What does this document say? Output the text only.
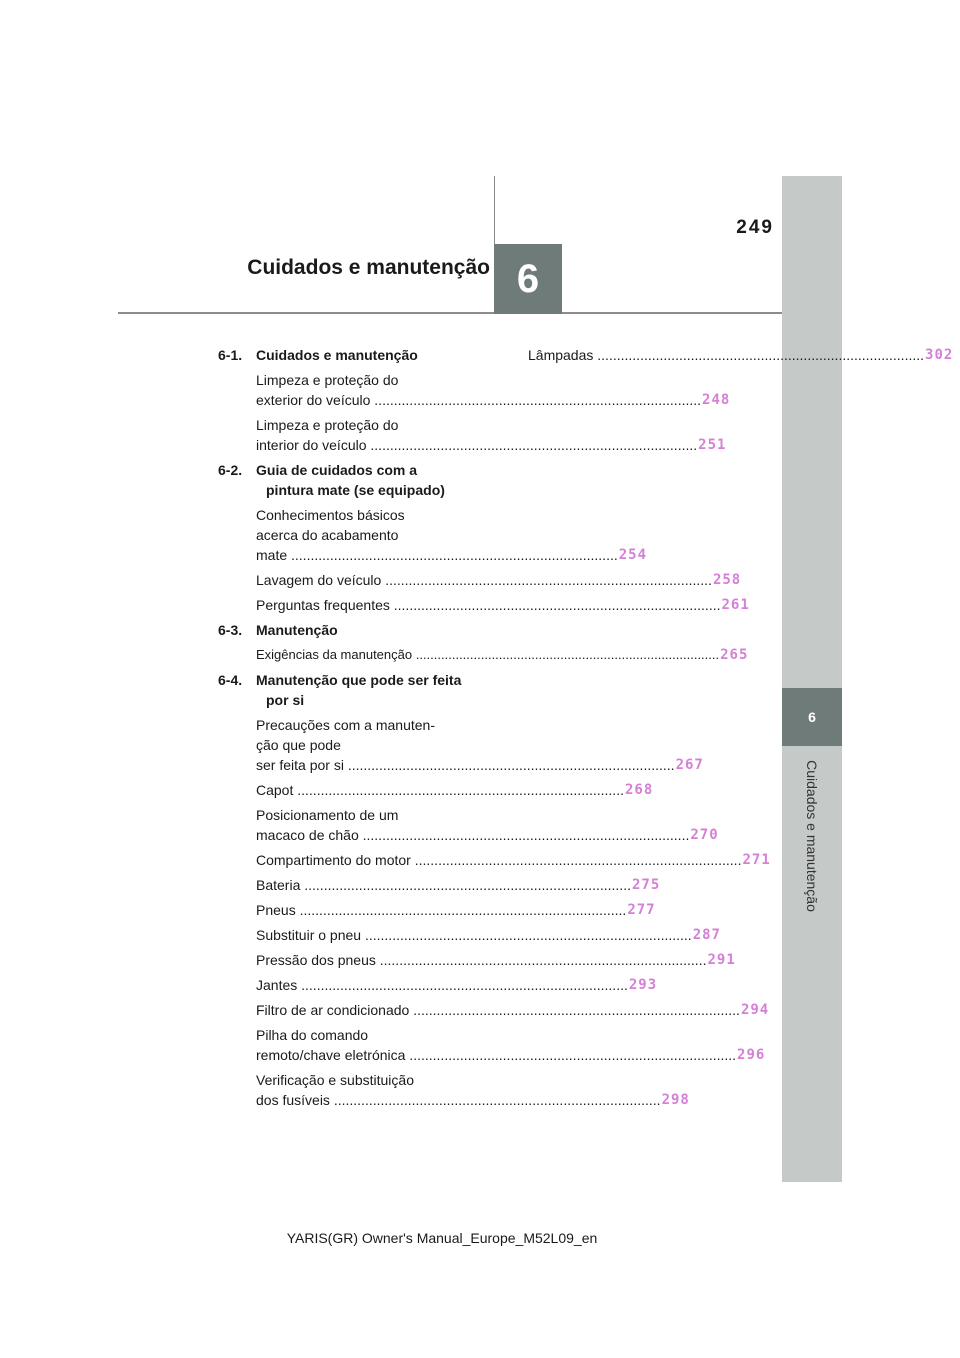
Cuidados e manutenção 6
249
6
Cuidados e manutenção
6-1. Cuidados e manutenção
Limpeza e proteção do
exterior do veículo .................................................................................... 248
Limpeza e proteção do
interior do veículo .................................................................................... 251
6-2. Guia de cuidados com a pintura mate (se equipado)
Conhecimentos básicos
acerca do acabamento
mate .................................................................................... 254
Lavagem do veículo .................................................................................... 258
Perguntas frequentes .................................................................................... 261
6-3. Manutenção
Exigências da manutenção .................................................................................... 265
6-4. Manutenção que pode ser feita por si
Precauções com a manuten-
ção que pode
ser feita por si .................................................................................... 267
Capot .................................................................................... 268
Posicionamento de um
macaco de chão .................................................................................... 270
Compartimento do motor .................................................................................... 271
Bateria .................................................................................... 275
Pneus .................................................................................... 277
Substituir o pneu .................................................................................... 287
Pressão dos pneus .................................................................................... 291
Jantes .................................................................................... 293
Filtro de ar condicionado .................................................................................... 294
Pilha do comando
remoto/chave eletrónica .................................................................................... 296
Verificação e substituição
dos fusíveis .................................................................................... 298
Lâmpadas .................................................................................... 302
YARIS(GR) Owner's Manual_Europe_M52L09_en
